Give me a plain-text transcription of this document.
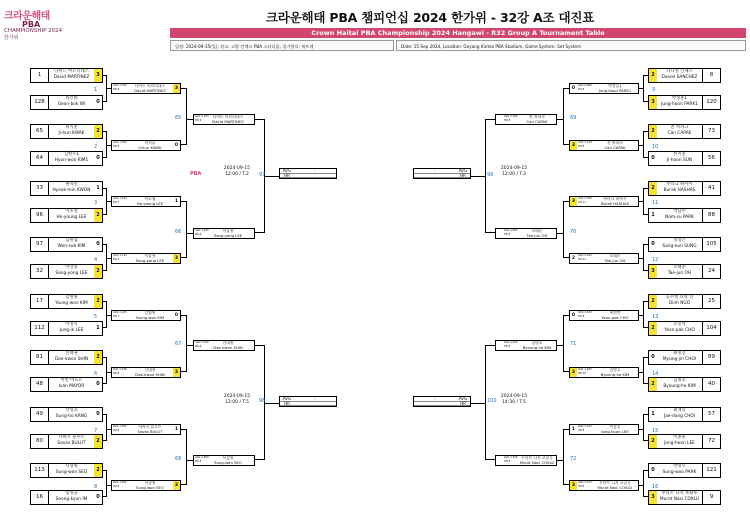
크라운해태
PBA
CHAMPIONSHIP 2024
한가위
크라운해태 PBA 챔피언십 2024 한가위 - 32강 A조 대진표
Crown Haitai PBA Championship 2024 Hangawi - R32 Group A Tournament Table
일정: 2024-09-15(일), 장소: 고양 킨텍스 PBA 스타디움, 경기방식: 세트제	Date: 15 Sep 2024, Location: Goyang Kintex PBA Stadium, Game System: Set System
PBA
1
다비드 마르티네스
David MARTINEZ	3
128
위건희
Geon-bok WI	0
65
곽지훈
Ji-hun KWAK	2
64
김현우1
Hyun-woo KIM1	0
33
권혁민
Hyeok-min KWON	1
96
이호영
Ho-young LEE	2
97
김원섭
Won-sub KIM	0
32
이상용
Sang-yong LEE	2
17
김영원
Young-won KIM	2
112
이정익
Jung-ik LEE	1
81
신대권
Dae-kwon SHIN	2
48
이반 마요르
Ivan MAYOR	0
49
강성호
Sung-ho KANG	0
80
사바시 블루트
Savas BULUT	2
113
서성원
Sung-won SEO	2
16
임성균
Seong-kyun IM	0
2
다니엘 산체스
Daniel SANCHEZ	8
3
박정훈1
Jung-hoon PARK1	120
2
찬 차파크
Can CAPAK	73
0
선지훈
Ji-hoon SUN	56
2
부라크 하샤시
Burak HASHAS	41
1
박남수
Nam-su PARK	88
0
성상은
Sang-eun SUNG	105
3
오태준
Tae-jun OH	24
2
응우옌 프엉 린
Dinh NGO	25
2
조연박
Yeon-pak CHO	104
0
최명진
Myung-jin CHOI	89
2
김병호
Byoung-ho KIM	40
1
최재동
Jae-dong CHOI	57
2
이종훈
Jong-hoon LEE	72
0
박성우
Sung-woo PARK	121
3
무라트 나지 초클루
Murat Naci COKLU	9
AVG 1.552
HR 8
다비드 마르티네스
David MARTINEZ	3
AVG 1.152
HR 8
곽지훈
Ji-hun KWAK	0
AVG 1.413
HR 7
이호영
Ho-young LEE	1
AVG 1.139
HR 6
이상용
Sang-yong LEE	3
AVG 1.125
HR 7
김영원
Young-won KIM	0
AVG 1.378
HR 8
신대권
Dae-kwon SHIN	3
AVG 1.455
HR 8
사바시 블루트
Savas BULUT	1
AVG 1.655
HR 8
서성원
Sung-won SEO	3
AVG 0.869
HR 8
박정훈1
Jung-hoon PARK1
0
AVG 1.730
HR 8
찬 차파크
Can CAPAK
3
AVG 1.765
HR 11
부라크 하샤시
Burak HASHAS
3
AVG 2.500
HR 11
오태준
Tae-jun OH
2
AVG 1.545
HR 8
조연박
Yeon-pak CHO
0
AVG 1.925
HR 10
김병호
Byoung-ho KIM
3
AVG 1.125
HR 8
이종훈
Jong-hoon LEE
1
AVG 1.375
HR 8
무라트 나지 초클루
Murat Naci COKLU
3
AVG 1.553
HR 6
다비드 마르티네스
David MARTINEZ
AVG 1.250
HR 6
이상용
Sang-yong LEE
AVG 2.020
HR 6
신대권
Dae-kwon SHIN
AVG 1.500
HR 8
서성원
Sung-won SEO
AVG 1.360
HR 8
찬 차파크
Can CAPAK
AVG 1.825
HR 8
오태준
Tae-jun OH
AVG 1.400
HR 8
김병호
Byoung-ho KIM
AVG 1.675
HR 8
무라트 나지 초클루
Murat Naci COKLU
AVG	-
HR
AVG	-
HR
-	AVG
HR
-	AVG
HR
1
2
3
4
5
6
7
8
9
10
11
12
13
14
15
16
65
66
67
68
69
70
71
72
97
98
99
100
2024-09-15
12:00 / T.2
2024-09-15
12:00 / T.3
2024-09-15
12:00 / T.5
2024-09-15
14:30 / T.5
